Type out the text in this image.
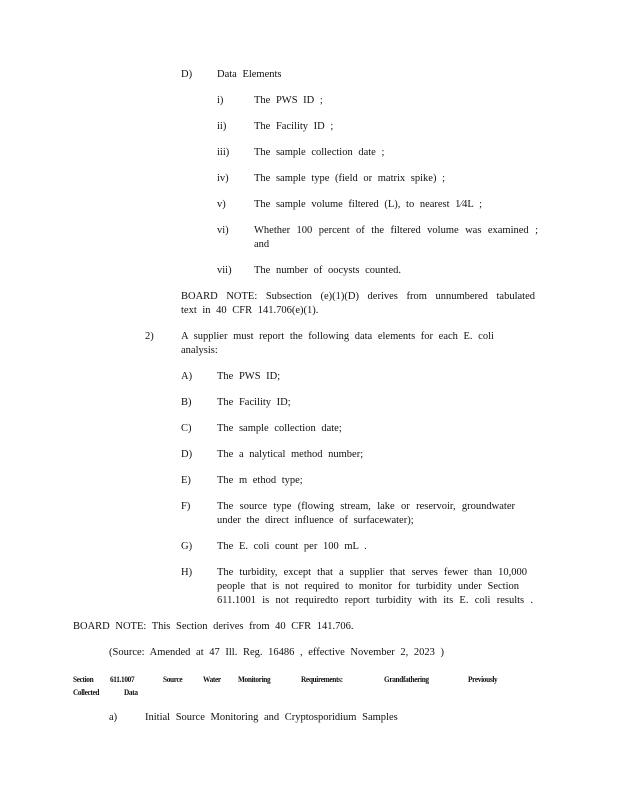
D) Data Elements
i)	The PWS ID ;
ii)	The Facility ID ;
iii) The sample collection date ;
iv) The sample type (field or matrix spike) ;
v)	The sample volume filtered (L), to nearest 1⁄4L ;
vi) Whether 100 percent of the filtered volume was examined ;
and
vii) The number of oocysts counted.
BOARD NOTE: Subsection (e)(1)(D) derives from unnumbered tabulated
text in 40 CFR 141.706(e)(1).
2)	A supplier must report the following data elements for each E. coli
analysis:
A) The PWS ID;
B) The Facility ID;
C) The sample collection date;
D) The a nalytical method number;
E) The m ethod type;
F)	The source type (flowing stream, lake or reservoir, groundwater
under the direct influence of surfacewater);
G) The E. coli count per 100 mL .
H) The turbidity, except that a supplier that serves fewer than 10,000
people that is not required to monitor for turbidity under Section
611.1001 is not requiredto report turbidity with its E. coli results .
BOARD NOTE: This Section derives from 40 CFR 141.706.
(Source: Amended at 47 Ill. Reg. 16486 , effective November 2, 2023 )
Section 611.1007	Source Water Monitoring	Requirements:	Grandfathering	Previously
Collected	Data
a)	Initial Source Monitoring and Cryptosporidium Samples
